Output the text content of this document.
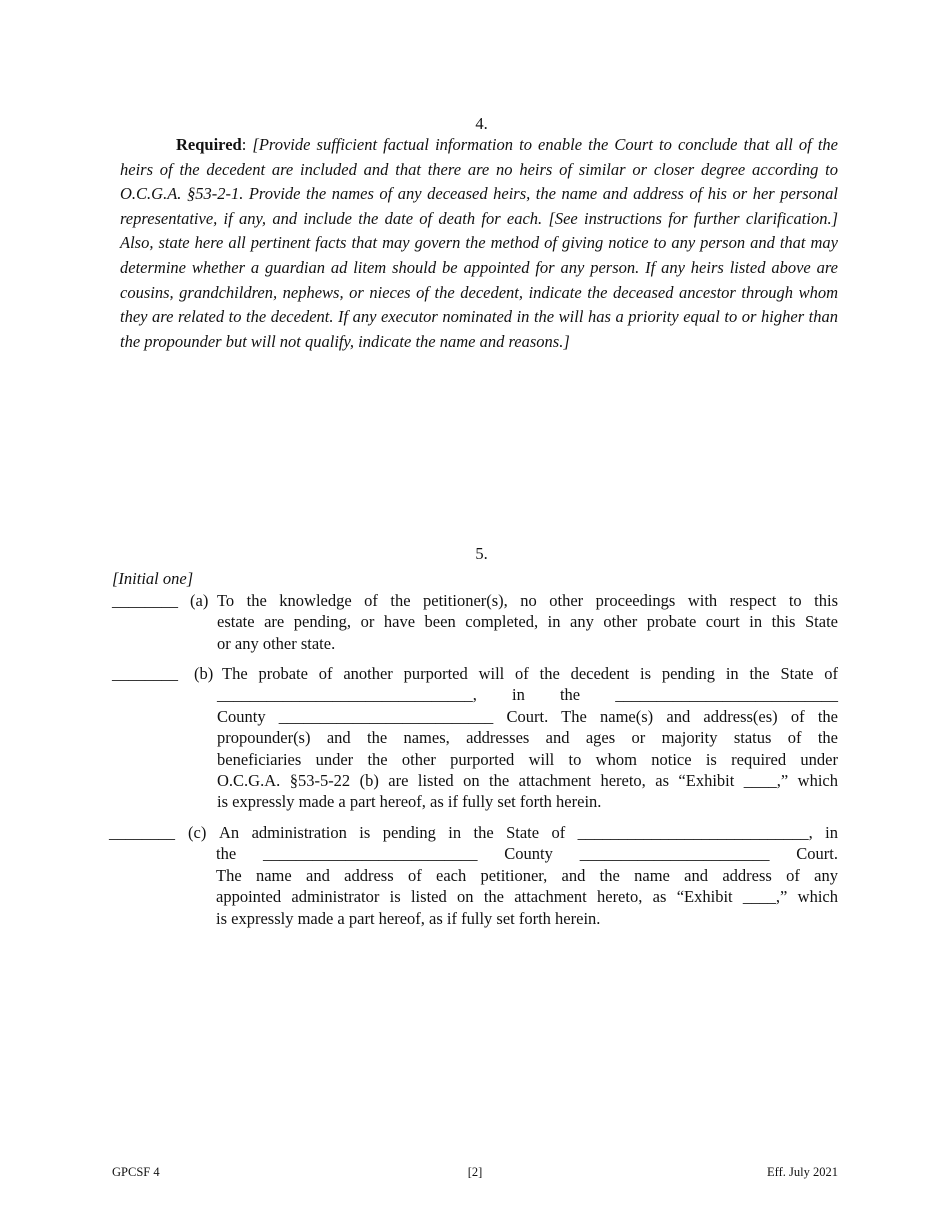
4.

Required: [Provide sufficient factual information to enable the Court to conclude that all of the heirs of the decedent are included and that there are no heirs of similar or closer degree according to O.C.G.A. §53-2-1. Provide the names of any deceased heirs, the name and address of his or her personal representative, if any, and include the date of death for each. [See instructions for further clarification.] Also, state here all pertinent facts that may govern the method of giving notice to any person and that may determine whether a guardian ad litem should be appointed for any person. If any heirs listed above are cousins, grandchildren, nephews, or nieces of the decedent, indicate the deceased ancestor through whom they are related to the decedent. If any executor nominated in the will has a priority equal to or higher than the propounder but will not qualify, indicate the name and reasons.]

5.
[Initial one]
________ (a) To the knowledge of the petitioner(s), no other proceedings with respect to this
estate are pending, or have been completed, in any other probate court in this State
or any other state.
________ (b) The probate of another purported will of the decedent is pending in the State of
_______________________________, in the ___________________________
County __________________________ Court. The name(s) and address(es) of the
propounder(s) and the names, addresses and ages or majority status of the
beneficiaries under the other purported will to whom notice is required under
O.C.G.A. §53-5-22 (b) are listed on the attachment hereto, as “Exhibit ____,” which
is expressly made a part hereof, as if fully set forth herein.
________ (c) An administration is pending in the State of ____________________________, in
the __________________________ County _______________________ Court.
The name and address of each petitioner, and the name and address of any
appointed administrator is listed on the attachment hereto, as “Exhibit ____,” which
is expressly made a part hereof, as if fully set forth herein.
GPCSF 4	[2]	Eff. July 2021
